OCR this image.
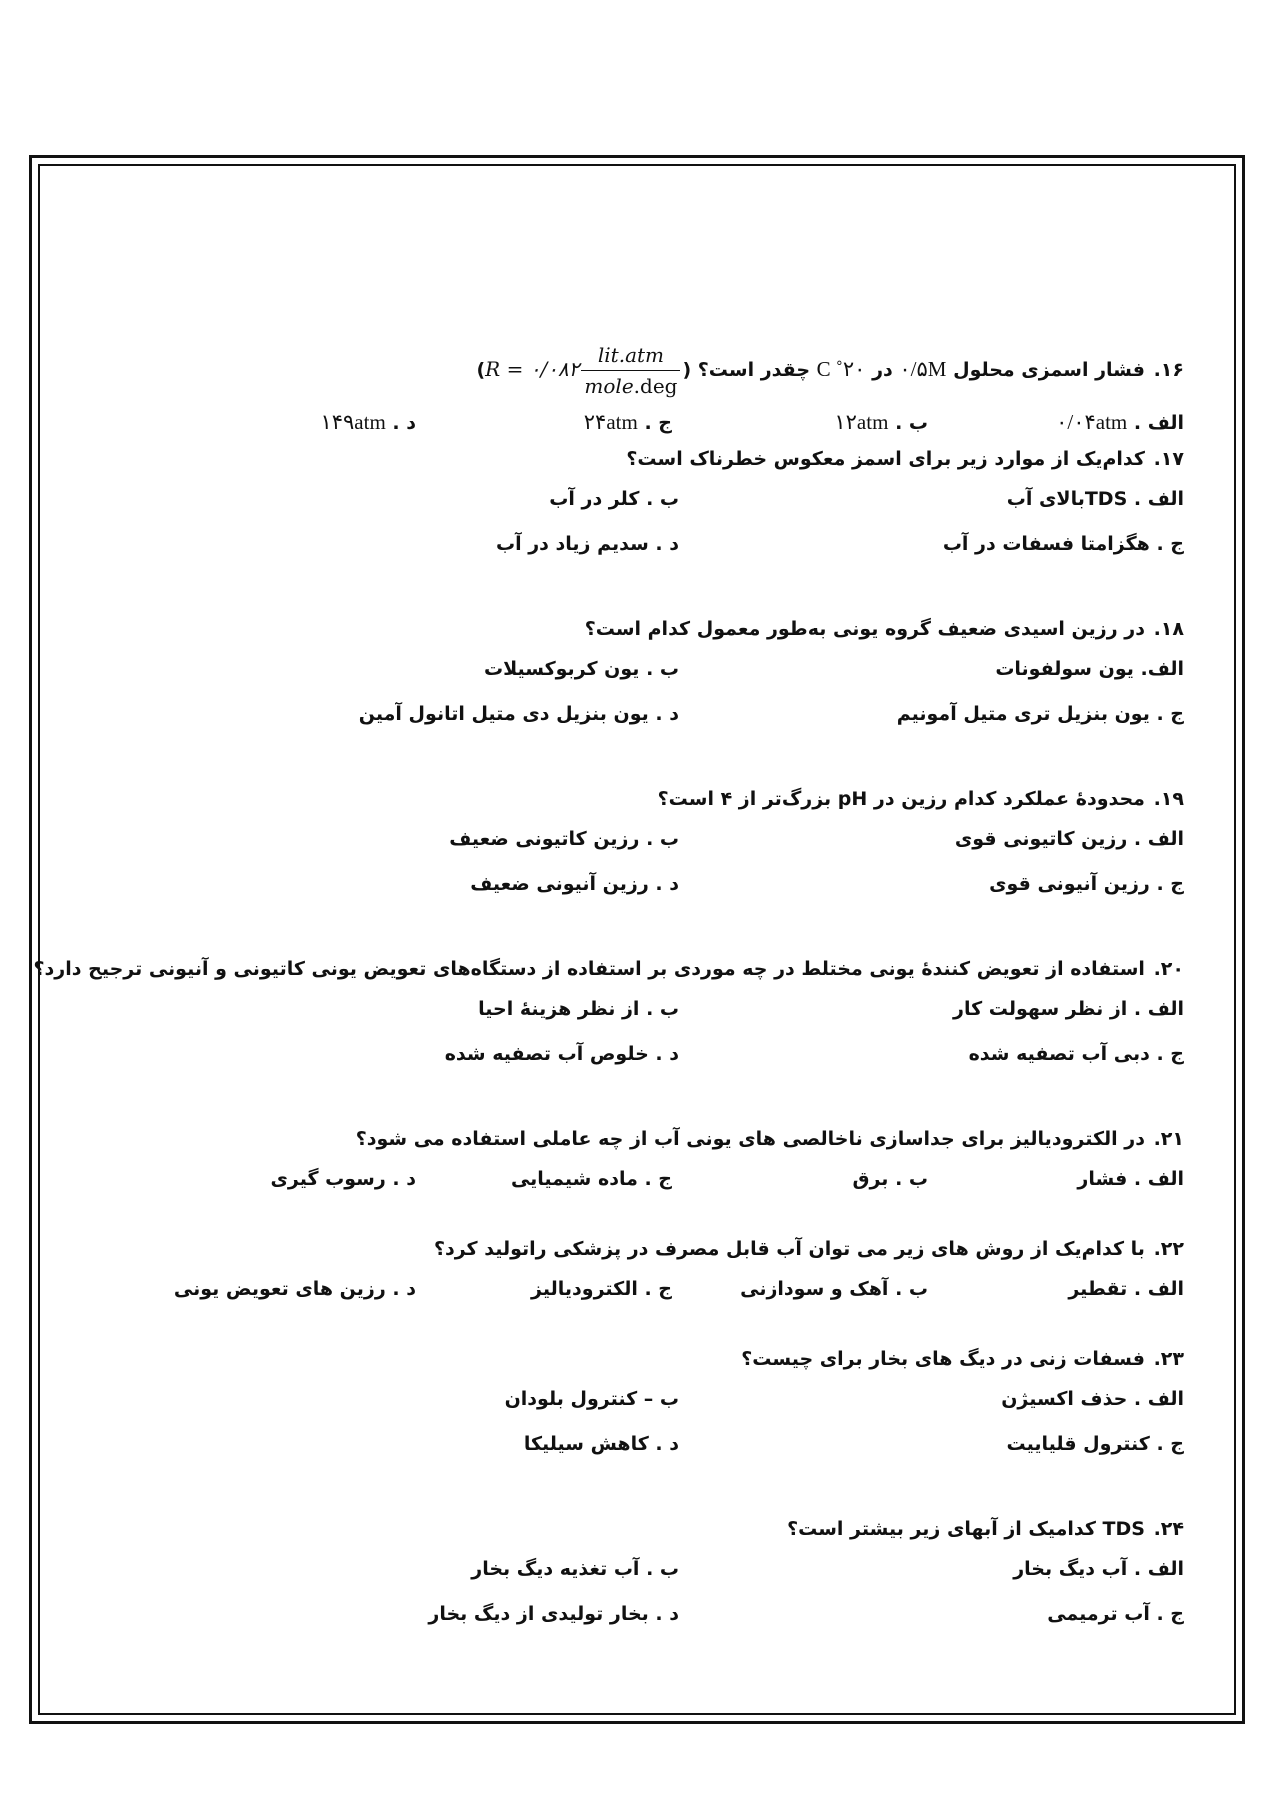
۱۶. فشار اسمزی محلول ۰/۵M در ۲۰˚ C چقدر است؟ (R = ۰/۰۸۲ $\frac{\text{lit.atm}}{\text{mole.deg}}$
)
الف . ۰/۰۴atm
ب . ۱۲atm
ج . ۲۴atm
د . ۱۴۹atm
۱۷. کدام‌یک از موارد زیر برای اسمز معکوس خطرناک است؟
الف . TDSبالای آب
ب . کلر در آب
ج . هگزامتا فسفات در آب
د . سدیم زیاد در آب
۱۸. در رزین اسیدی ضعیف گروه یونی به‌طور معمول کدام است؟
الف. یون سولفونات
ب . یون کربوکسیلات
ج . یون بنزیل تری متیل آمونیم
د . یون بنزیل دی متیل اتانول آمین
۱۹. محدودهٔ عملکرد کدام رزین در pH بزرگ‌تر از ۴ است؟
الف . رزین کاتیونی قوی
ب . رزین کاتیونی ضعیف
ج . رزین آنیونی قوی
د . رزین آنیونی ضعیف
۲۰. استفاده از تعویض کنندهٔ یونی مختلط در چه موردی بر استفاده از دستگاه‌های تعویض یونی کاتیونی و آنیونی ترجیح دارد؟
الف . از نظر سهولت کار
ب . از نظر هزینهٔ احیا
ج . دبی آب تصفیه شده
د . خلوص آب تصفیه شده
۲۱. در الکترودیالیز برای جداسازی ناخالصی های یونی آب از چه عاملی استفاده می شود؟
الف . فشار
ب . برق
ج . ماده شیمیایی
د . رسوب گیری
۲۲. با کدام‌یک از روش های زیر می توان آب قابل مصرف در پزشکی راتولید کرد؟
الف . تقطیر
ب . آهک و سودازنی
ج . الکترودیالیز
د . رزین های تعویض یونی
۲۳. فسفات زنی در دیگ های بخار برای چیست؟
الف . حذف اکسیژن
ب – کنترول بلودان
ج . کنترول قلیاییت
د . کاهش سیلیکا
۲۴. TDS کدامیک از آبهای زیر بیشتر است؟
الف . آب دیگ بخار
ب . آب تغذیه دیگ بخار
ج . آب ترمیمی
د . بخار تولیدی از دیگ بخار
